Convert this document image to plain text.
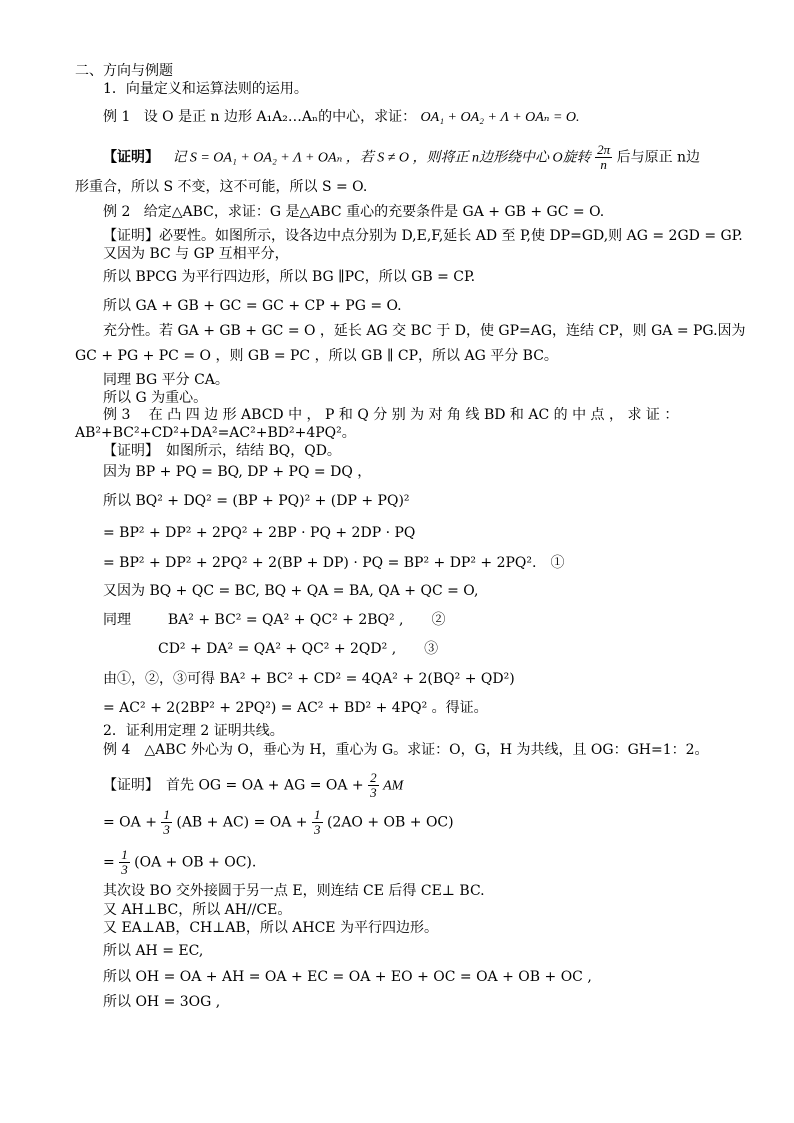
二、方向与例题
1．向量定义和运算法则的运用。
例 1 设 O 是正 n 边形 A₁A₂…Aₙ的中心，求证： OA₁ + OA₂ + Λ + OAₙ = O.
【证明】 记 S = OA₁ + OA₂ + Λ + OAₙ ，若 S ≠ O ，则将正 n边形绕中心 O旋转 $\frac{2\pi}{n}$ 后与原正 n边
形重合，所以 S 不变，这不可能，所以 S = O.
例 2 给定△ABC，求证：G 是△ABC 重心的充要条件是 GA + GB + GC = O.
【证明】必要性。如图所示，设各边中点分别为 D,E,F,延长 AD 至 P,使 DP=GD,则 AG = 2GD = GP.
又因为 BC 与 GP 互相平分，
所以 BPCG 为平行四边形，所以 BG ∥PC，所以 GB = CP.
所以 GA + GB + GC = GC + CP + PG = O.
充分性。若 GA + GB + GC = O ，延长 AG 交 BC 于 D，使 GP=AG，连结 CP，则 GA = PG.因为
GC + PG + PC = O ，则 GB = PC ，所以 GB ∥ CP，所以 AG 平分 BC。
同理 BG 平分 CA。
所以 G 为重心。
例 3　 在 凸 四 边 形 ABCD 中 ， P 和 Q 分 别 为 对 角 线 BD 和 AC 的 中 点 ， 求 证 ：
AB²+BC²+CD²+DA²=AC²+BD²+4PQ²。
【证明】　如图所示，结结 BQ，QD。
因为 BP + PQ = BQ, DP + PQ = DQ ，
所以 BQ² + DQ² = (BP + PQ)² + (DP + PQ)²
= BP² + DP² + 2PQ² + 2BP · PQ + 2DP · PQ
= BP² + DP² + 2PQ² + 2(BP + DP) · PQ = BP² + DP² + 2PQ².　①
又因为 BQ + QC = BC, BQ + QA = BA, QA + QC = O,
同理	BA² + BC² = QA² + QC² + 2BQ² ,　　②
CD² + DA² = QA² + QC² + 2QD² ,　　③
由①，②，③可得 BA² + BC² + CD² = 4QA² + 2(BQ² + QD²)
= AC² + 2(2BP² + 2PQ²) = AC² + BD² + 4PQ² 。得证。
2．证利用定理 2 证明共线。
例 4　△ABC 外心为 O，垂心为 H，重心为 G。求证：O，G，H 为共线，且 OG：GH=1：2。
【证明】　首先 OG = OA + AG = OA + $\frac{2}{3}$ AM
= OA + $\frac{1}{3} (AB + AC)$ = OA + $\frac{1}{3} (2AO$ + OB + OC)
= $\frac{1}{3} (OA$ + OB + OC).
其次设 BO 交外接圆于另一点 E，则连结 CE 后得 CE⊥ BC.
又 AH⊥BC，所以 AH//CE。
又 EA⊥AB，CH⊥AB，所以 AHCE 为平行四边形。
所以 AH = EC,
所以 OH = OA + AH = OA + EC = OA + EO + OC = OA + OB + OC ,
所以 OH = 3OG ,
